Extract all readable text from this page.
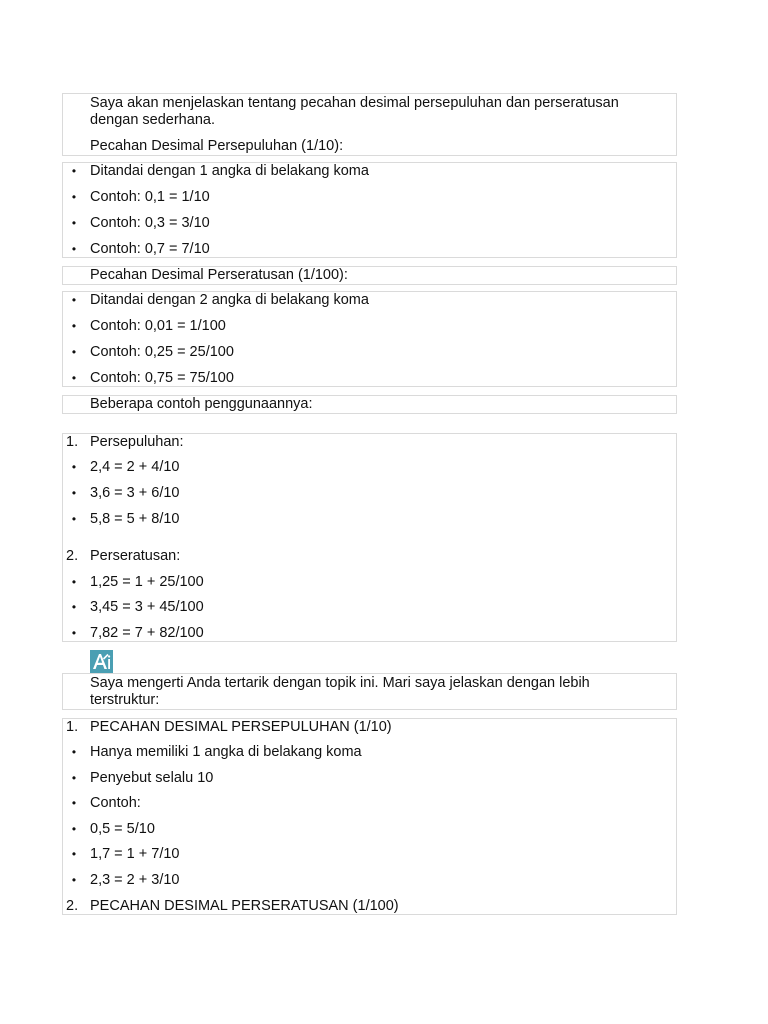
Saya akan menjelaskan tentang pecahan desimal persepuluhan dan perseratusan dengan sederhana.
Pecahan Desimal Persepuluhan (1/10):
• Ditandai dengan 1 angka di belakang koma
• Contoh: 0,1 = 1/10
• Contoh: 0,3 = 3/10
• Contoh: 0,7 = 7/10
Pecahan Desimal Perseratusan (1/100):
• Ditandai dengan 2 angka di belakang koma
• Contoh: 0,01 = 1/100
• Contoh: 0,25 = 25/100
• Contoh: 0,75 = 75/100
Beberapa contoh penggunaannya:
1. Persepuluhan:
• 2,4 = 2 + 4/10
• 3,6 = 3 + 6/10
• 5,8 = 5 + 8/10
2. Perseratusan:
• 1,25 = 1 + 25/100
• 3,45 = 3 + 45/100
• 7,82 = 7 + 82/100
Saya mengerti Anda tertarik dengan topik ini. Mari saya jelaskan dengan lebih terstruktur:
1. PECAHAN DESIMAL PERSEPULUHAN (1/10)
• Hanya memiliki 1 angka di belakang koma
• Penyebut selalu 10
• Contoh:
• 0,5 = 5/10
• 1,7 = 1 + 7/10
• 2,3 = 2 + 3/10
2. PECAHAN DESIMAL PERSERATUSAN (1/100)
